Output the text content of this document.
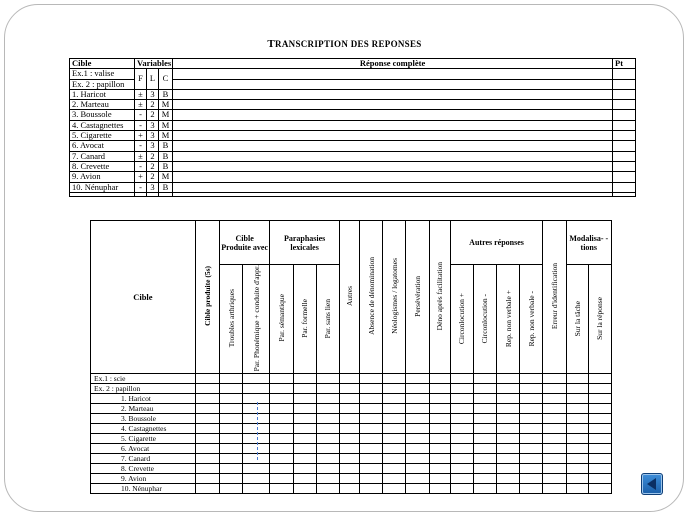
TRANSCRIPTION DES REPONSES
Cible	Variables			Réponse complète	Pt
Ex.1 : valise	F	L	C		
Ex. 2 : papillon					
1. Haricot	±	3	B		
2. Marteau	±	2	M		
3. Boussole	-	2	M		
4. Castagnettes	-	3	M		
5. Cigarette	+	3	M		
6. Avocat	-	3	B		
7. Canard	±	2	B		
8. Crevette	-	2	B		
9. Avion	+	2	M		
10. Nénuphar	-	3	B		

Cible	Cible produite (5s)	Cible Produite avec		Paraphasies lexicales			Autres	Absence de dénomination	Néologismes / logatomes	Persévération	Déno après facilitation	Autres réponses				Erreur d'identification	Modalisa- -tions	
		Troubles arthriques	Par. Phonémique + conduite d'appr.	Par. sémantique	Par. formelle	Par. sans lien						Circonlocution +	Circonlocution -	Rep. non verbale +	Rep. non verbale -		Sur la tâche	Sur la réponse
Ex.1 : scie																		
Ex. 2 : papillon																		
1. Haricot																		
2. Marteau																		
3. Boussole																		
4. Castagnettes																		
5. Cigarette																		
6. Avocat																		
7. Canard																		
8. Crevette																		
9. Avion																		
10. Nénuphar																		
